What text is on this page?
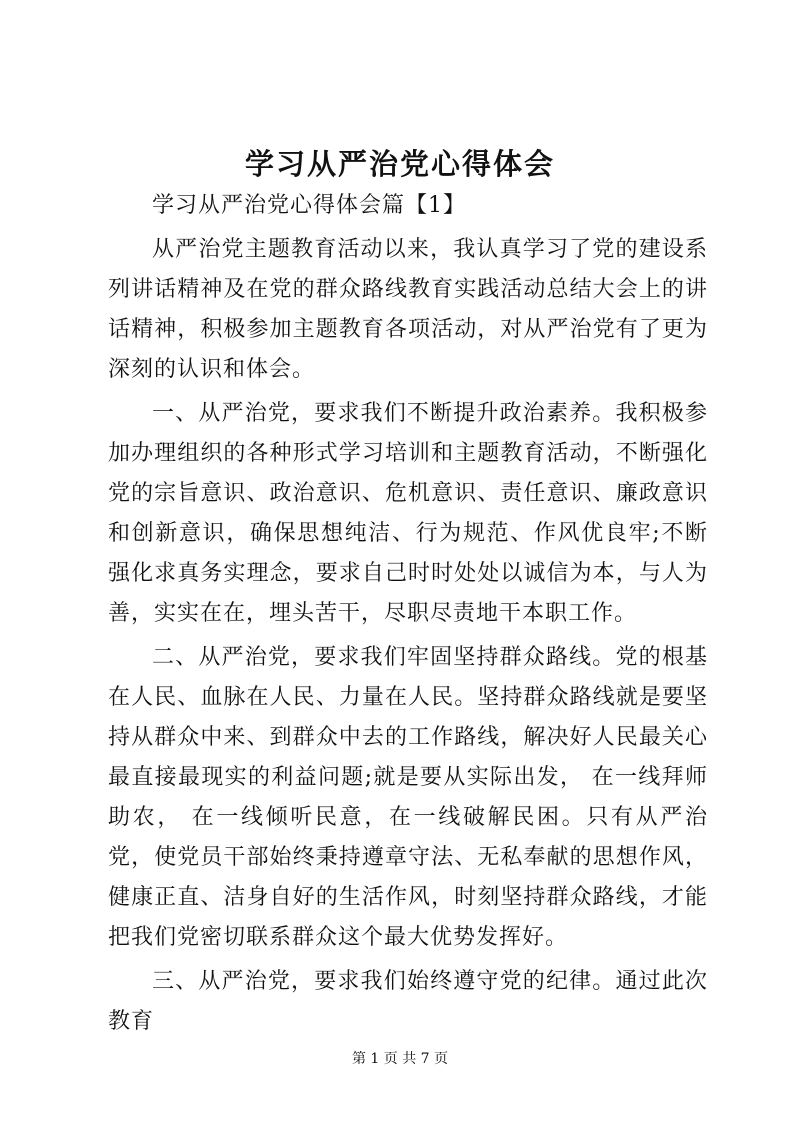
学习从严治党心得体会

学习从严治党心得体会篇【1】

从严治党主题教育活动以来，我认真学习了党的建设系列讲话精神及在党的群众路线教育实践活动总结大会上的讲话精神，积极参加主题教育各项活动，对从严治党有了更为深刻的认识和体会。

一、从严治党，要求我们不断提升政治素养。我积极参加办理组织的各种形式学习培训和主题教育活动，不断强化党的宗旨意识、政治意识、危机意识、责任意识、廉政意识和创新意识，确保思想纯洁、行为规范、作风优良牢;不断强化求真务实理念，要求自己时时处处以诚信为本，与人为善，实实在在，埋头苦干，尽职尽责地干本职工作。

二、从严治党，要求我们牢固坚持群众路线。党的根基在人民、血脉在人民、力量在人民。坚持群众路线就是要坚持从群众中来、到群众中去的工作路线，解决好人民最关心最直接最现实的利益问题;就是要从实际出发， 在一线拜师助农， 在一线倾听民意，在一线破解民困。只有从严治党，使党员干部始终秉持遵章守法、无私奉献的思想作风，健康正直、洁身自好的生活作风，时刻坚持群众路线，才能把我们党密切联系群众这个最大优势发挥好。

三、从严治党，要求我们始终遵守党的纪律。通过此次教育

第 1 页 共 7 页
